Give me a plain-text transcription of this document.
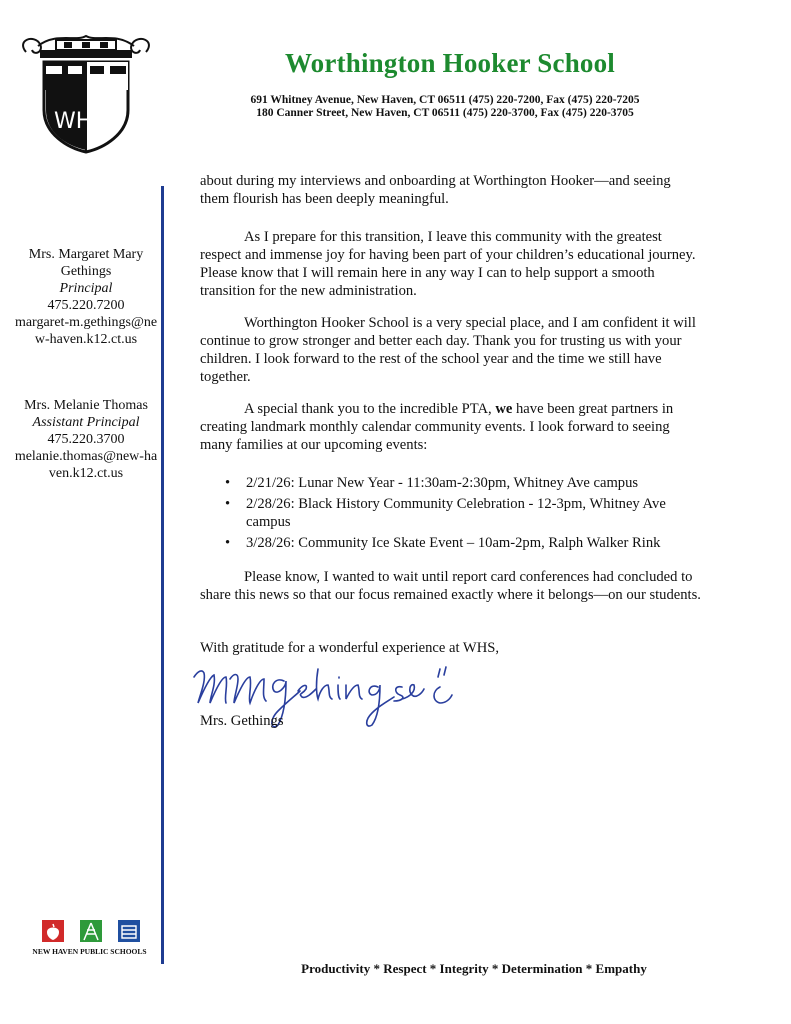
WH
Worthington Hooker School
691 Whitney Avenue, New Haven, CT 06511 (475) 220-7200, Fax (475) 220-7205
180 Canner Street, New Haven, CT 06511 (475) 220-3700, Fax (475) 220-3705
Mrs. Margaret Mary Gethings
Principal
475.220.7200
margaret-m.gethings@new-haven.k12.ct.us
Mrs. Melanie Thomas
Assistant Principal
475.220.3700
melanie.thomas@new-haven.k12.ct.us

about during my interviews and onboarding at Worthington Hooker—and seeing them flourish has been deeply meaningful.

As I prepare for this transition, I leave this community with the greatest respect and immense joy for having been part of your children’s educational journey. Please know that I will remain here in any way I can to help support a smooth transition for the new administration.

Worthington Hooker School is a very special place, and I am confident it will continue to grow stronger and better each day. Thank you for trusting us with your children. I look forward to the rest of the school year and the time we still have together.

A special thank you to the incredible PTA, we have been great partners in creating landmark monthly calendar community events. I look forward to seeing many families at our upcoming events:

• 2/21/26: Lunar New Year - 11:30am-2:30pm, Whitney Ave campus
• 2/28/26: Black History Community Celebration - 12-3pm, Whitney Ave campus
• 3/28/26: Community Ice Skate Event – 10am-2pm, Ralph Walker Rink

Please know, I wanted to wait until report card conferences had concluded to share this news so that our focus remained exactly where it belongs—on our students.

With gratitude for a wonderful experience at WHS,

MM gethings
Mrs. Gethings
NEW HAVEN PUBLIC SCHOOLS
Productivity * Respect * Integrity * Determination * Empathy
